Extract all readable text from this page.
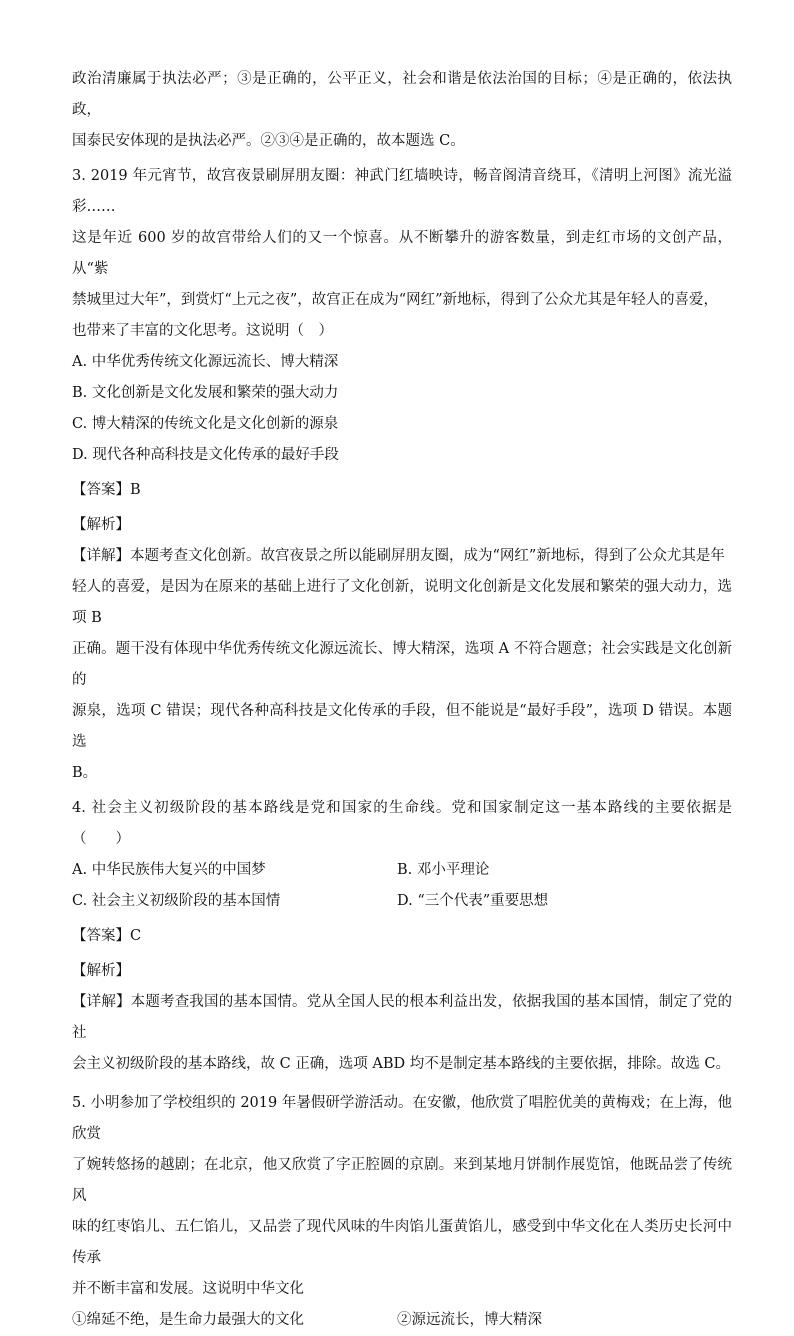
政治清廉属于执法必严；③是正确的，公平正义，社会和谐是依法治国的目标；④是正确的，依法执政，

国泰民安体现的是执法必严。②③④是正确的，故本题选 C。

3. 2019 年元宵节，故宫夜景刷屏朋友圈：神武门红墙映诗，畅音阁清音绕耳，《清明上河图》流光溢彩……

这是年近 600 岁的故宫带给人们的又一个惊喜。从不断攀升的游客数量，到走红市场的文创产品，从“紫

禁城里过大年”，到赏灯“上元之夜”，故宫正在成为“网红”新地标，得到了公众尤其是年轻人的喜爱，

也带来了丰富的文化思考。这说明（　）

A. 中华优秀传统文化源远流长、博大精深

B. 文化创新是文化发展和繁荣的强大动力

C. 博大精深的传统文化是文化创新的源泉

D. 现代各种高科技是文化传承的最好手段

【答案】B

【解析】

【详解】本题考查文化创新。故宫夜景之所以能刷屏朋友圈，成为“网红”新地标，得到了公众尤其是年

轻人的喜爱，是因为在原来的基础上进行了文化创新，说明文化创新是文化发展和繁荣的强大动力，选项 B

正确。题干没有体现中华优秀传统文化源远流长、博大精深，选项 A 不符合题意；社会实践是文化创新的

源泉，选项 C 错误；现代各种高科技是文化传承的手段，但不能说是“最好手段”，选项 D 错误。本题选

B。

4. 社会主义初级阶段的基本路线是党和国家的生命线。党和国家制定这一基本路线的主要依据是（　　）

A. 中华民族伟大复兴的中国梦	B. 邓小平理论
C. 社会主义初级阶段的基本国情	D. “三个代表”重要思想

【答案】C

【解析】

【详解】本题考查我国的基本国情。党从全国人民的根本利益出发，依据我国的基本国情，制定了党的社

会主义初级阶段的基本路线，故 C 正确，选项 ABD 均不是制定基本路线的主要依据，排除。故选 C。

5. 小明参加了学校组织的 2019 年暑假研学游活动。在安徽，他欣赏了唱腔优美的黄梅戏；在上海，他欣赏

了婉转悠扬的越剧；在北京，他又欣赏了字正腔圆的京剧。来到某地月饼制作展览馆，他既品尝了传统风

味的红枣馅儿、五仁馅儿，又品尝了现代风味的牛肉馅儿蛋黄馅儿，感受到中华文化在人类历史长河中传承

并不断丰富和发展。这说明中华文化

①绵延不绝，是生命力最强大的文化	②源远流长，博大精深
